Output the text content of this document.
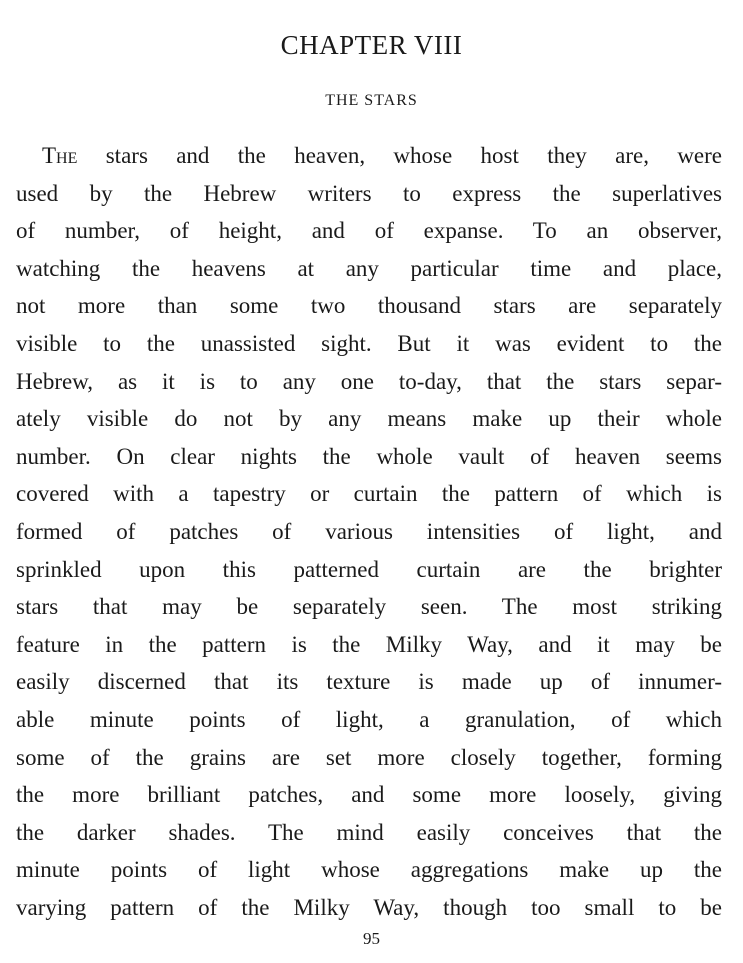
CHAPTER VIII
THE STARS
The stars and the heaven, whose host they are, were
used by the Hebrew writers to express the superlatives
of number, of height, and of expanse. To an observer,
watching the heavens at any particular time and place,
not more than some two thousand stars are separately
visible to the unassisted sight. But it was evident to the
Hebrew, as it is to any one to-day, that the stars separ-
ately visible do not by any means make up their whole
number. On clear nights the whole vault of heaven seems
covered with a tapestry or curtain the pattern of which is
formed of patches of various intensities of light, and
sprinkled upon this patterned curtain are the brighter
stars that may be separately seen. The most striking
feature in the pattern is the Milky Way, and it may be
easily discerned that its texture is made up of innumer-
able minute points of light, a granulation, of which
some of the grains are set more closely together, forming
the more brilliant patches, and some more loosely, giving
the darker shades. The mind easily conceives that the
minute points of light whose aggregations make up the
varying pattern of the Milky Way, though too small to be
95
